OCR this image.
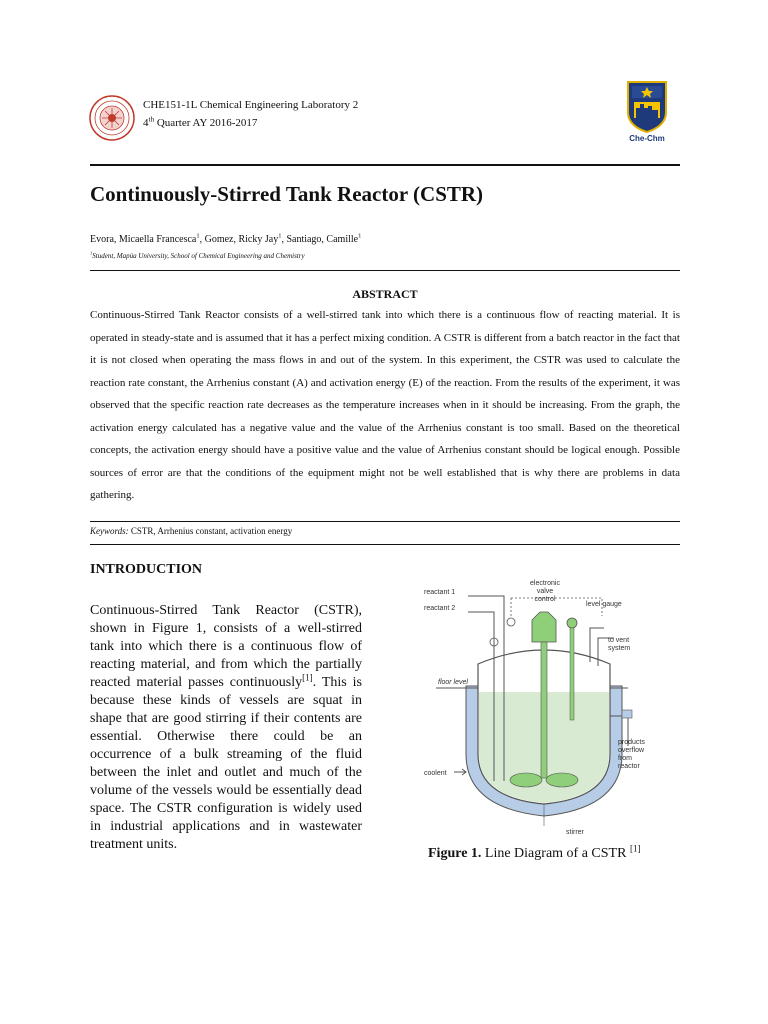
CHE151-1L Chemical Engineering Laboratory 2
4th Quarter AY 2016-2017
Che-Chm
Continuously-Stirred Tank Reactor (CSTR)
Evora, Micaella Francesca$^1$, Gomez, Ricky Jay$^1$, Santiago, Camille$^1$
$^1$Student, Mapúa University, School of Chemical Engineering and Chemistry
ABSTRACT

Continuous-Stirred Tank Reactor consists of a well-stirred tank into which there is a continuous flow of reacting material. It is operated in steady-state and is assumed that it has a perfect mixing condition. A CSTR is different from a batch reactor in the fact that it is not closed when operating the mass flows in and out of the system. In this experiment, the CSTR was used to calculate the reaction rate constant, the Arrhenius constant (A) and activation energy (E) of the reaction. From the results of the experiment, it was observed that the specific reaction rate decreases as the temperature increases when in it should be increasing. From the graph, the activation energy calculated has a negative value and the value of the Arrhenius constant is too small. Based on the theoretical concepts, the activation energy should have a positive value and the value of Arrhenius constant should be logical enough. Possible sources of error are that the conditions of the equipment might not be well established that is why there are problems in data gathering.

Keywords: CSTR, Arrhenius constant, activation energy
INTRODUCTION

Continuous-Stirred Tank Reactor (CSTR), shown in Figure 1, consists of a well-stirred tank into which there is a continuous flow of reacting material, and from which the partially reacted material passes continuously[1]. This is because these kinds of vessels are squat in shape that are good stirring if their contents are essential. Otherwise there could be an occurrence of a bulk streaming of the fluid between the inlet and outlet and much of the volume of the vessels would be essentially dead space. The CSTR configuration is widely used in industrial applications and in wastewater treatment units.

reactant 1
reactant 2
electronic
valve
control
level gauge
to vent
system
floor level
coolent
products
overflow
from
reactor
stirrer
Figure 1. Line Diagram of a CSTR [1]
